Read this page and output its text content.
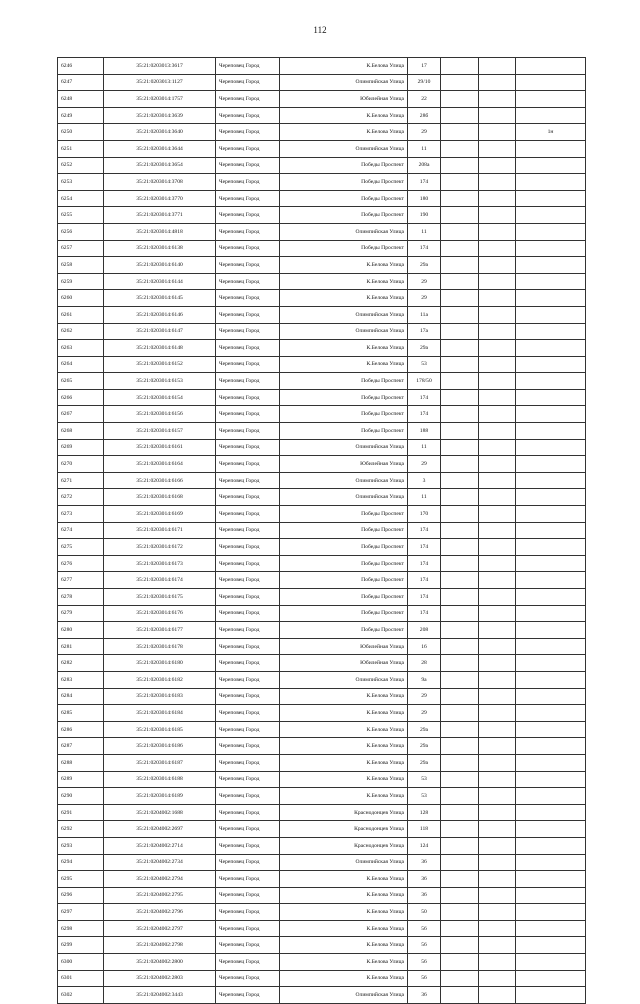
112
6246	35:21:0203013:3617	Череповец Город	К.Белова Улица	17			
6247	35:21:0203013:1127	Череповец Город	Олимпийская Улица	29/10			
6248	35:21:0203014:1757	Череповец Город	Юбилейная Улица	22			
6249	35:21:0203014:3639	Череповец Город	К.Белова Улица	28б			
6250	35:21:0203014:3640	Череповец Город	К.Белова Улица	29			1н
6251	35:21:0203014:3644	Череповец Город	Олимпийская Улица	11			
6252	35:21:0203014:3654	Череповец Город	Победы Проспект	208а			
6253	35:21:0203014:3708	Череповец Город	Победы Проспект	174			
6254	35:21:0203014:3770	Череповец Город	Победы Проспект	180			
6255	35:21:0203014:3771	Череповец Город	Победы Проспект	190			
6256	35:21:0203014:4818	Череповец Город	Олимпийская Улица	11			
6257	35:21:0203014:6138	Череповец Город	Победы Проспект	174			
6258	35:21:0203014:6140	Череповец Город	К.Белова Улица	29а			
6259	35:21:0203014:6144	Череповец Город	К.Белова Улица	29			
6260	35:21:0203014:6145	Череповец Город	К.Белова Улица	29			
6261	35:21:0203014:6146	Череповец Город	Олимпийская Улица	11а			
6262	35:21:0203014:6147	Череповец Город	Олимпийская Улица	17а			
6263	35:21:0203014:6148	Череповец Город	К.Белова Улица	29а			
6264	35:21:0203014:6152	Череповец Город	К.Белова Улица	53			
6265	35:21:0203014:6153	Череповец Город	Победы Проспект	178/50			
6266	35:21:0203014:6154	Череповец Город	Победы Проспект	174			
6267	35:21:0203014:6156	Череповец Город	Победы Проспект	174			
6268	35:21:0203014:6157	Череповец Город	Победы Проспект	188			
6269	35:21:0203014:6161	Череповец Город	Олимпийская Улица	11			
6270	35:21:0203014:6164	Череповец Город	Юбилейная Улица	29			
6271	35:21:0203014:6166	Череповец Город	Олимпийская Улица	3			
6272	35:21:0203014:6168	Череповец Город	Олимпийская Улица	11			
6273	35:21:0203014:6169	Череповец Город	Победы Проспект	170			
6274	35:21:0203014:6171	Череповец Город	Победы Проспект	174			
6275	35:21:0203014:6172	Череповец Город	Победы Проспект	174			
6276	35:21:0203014:6173	Череповец Город	Победы Проспект	174			
6277	35:21:0203014:6174	Череповец Город	Победы Проспект	174			
6278	35:21:0203014:6175	Череповец Город	Победы Проспект	174			
6279	35:21:0203014:6176	Череповец Город	Победы Проспект	174			
6280	35:21:0203014:6177	Череповец Город	Победы Проспект	208			
6281	35:21:0203014:6178	Череповец Город	Юбилейная Улица	16			
6282	35:21:0203014:6180	Череповец Город	Юбилейная Улица	28			
6283	35:21:0203014:6182	Череповец Город	Олимпийская Улица	9а			
6284	35:21:0203014:6183	Череповец Город	К.Белова Улица	29			
6285	35:21:0203014:6184	Череповец Город	К.Белова Улица	29			
6286	35:21:0203014:6185	Череповец Город	К.Белова Улица	29а			
6287	35:21:0203014:6186	Череповец Город	К.Белова Улица	29а			
6288	35:21:0203014:6187	Череповец Город	К.Белова Улица	29а			
6289	35:21:0203014:6188	Череповец Город	К.Белова Улица	53			
6290	35:21:0203014:6189	Череповец Город	К.Белова Улица	53			
6291	35:21:0204002:1688	Череповец Город	Краснодонцев Улица	128			
6292	35:21:0204002:2697	Череповец Город	Краснодонцев Улица	118			
6293	35:21:0204002:2714	Череповец Город	Краснодонцев Улица	124			
6294	35:21:0204002:2734	Череповец Город	Олимпийская Улица	36			
6295	35:21:0204002:2794	Череповец Город	К.Белова Улица	36			
6296	35:21:0204002:2795	Череповец Город	К.Белова Улица	36			
6297	35:21:0204002:2796	Череповец Город	К.Белова Улица	50			
6298	35:21:0204002:2797	Череповец Город	К.Белова Улица	56			
6299	35:21:0204002:2798	Череповец Город	К.Белова Улица	56			
6300	35:21:0204002:2800	Череповец Город	К.Белова Улица	56			
6301	35:21:0204002:2803	Череповец Город	К.Белова Улица	56			
6302	35:21:0204002:3443	Череповец Город	Олимпийская Улица	36			
